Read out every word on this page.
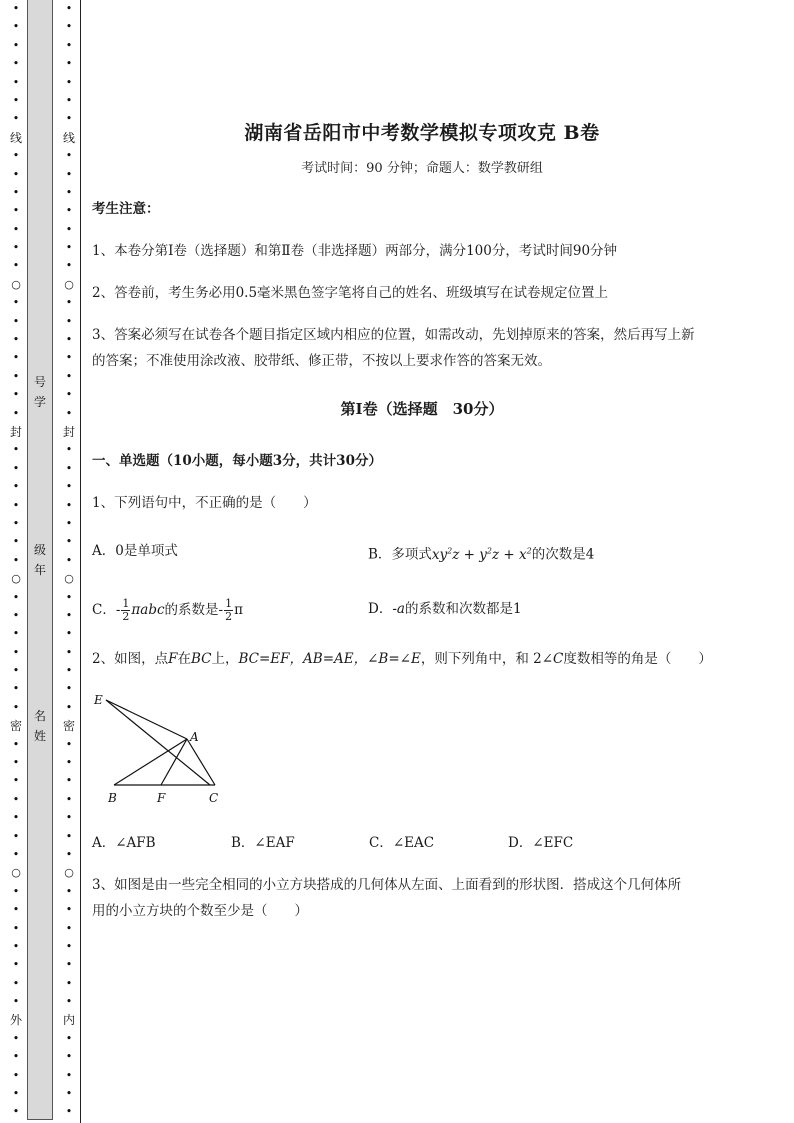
•
•
•
•
•
•
•
线
•
•
•
•
•
•
•
○
•
•
•
•
•
•
•
封
•
•
•
•
•
•
•
○
•
•
•
•
•
•
•
密
•
•
•
•
•
•
•
○
•
•
•
•
•
•
•
外
•
•
•
•
•
号
学
级
年
名
姓
•
•
•
•
•
•
•
线
•
•
•
•
•
•
•
○
•
•
•
•
•
•
•
封
•
•
•
•
•
•
•
○
•
•
•
•
•
•
•
密
•
•
•
•
•
•
•
○
•
•
•
•
•
•
•
内
•
•
•
•
•
湖南省岳阳市中考数学模拟专项攻克 B卷
考试时间：90 分钟；命题人：数学教研组
考生注意：
1、本卷分第Ⅰ卷（选择题）和第Ⅱ卷（非选择题）两部分，满分100分，考试时间90分钟
2、答卷前，考生务必用0.5毫米黑色签字笔将自己的姓名、班级填写在试卷规定位置上
3、答案必须写在试卷各个题目指定区域内相应的位置，如需改动，先划掉原来的答案，然后再写上新
的答案；不准使用涂改液、胶带纸、修正带，不按以上要求作答的答案无效。
第Ⅰ卷（选择题　30分）
一、单选题（10小题，每小题3分，共计30分）
1、下列语句中，不正确的是（　　）
A．0是单项式	B．多项式$xy^2z + y^2z + x^2$的次数是4
C．- $\frac{1}{2}$ πabc的系数是- $\frac{1}{2}$ π	D．-a的系数和次数都是1
2、如图，点F在BC上，BC=EF，AB=AE，∠B=∠E，则下列角中，和 2∠C度数相等的角是（　　）
A．∠AFB	B．∠EAF	C．∠EAC	D．∠EFC
3、如图是由一些完全相同的小立方块搭成的几何体从左面、上面看到的形状图．搭成这个几何体所
用的小立方块的个数至少是（　　）
E
A
B	F	C
